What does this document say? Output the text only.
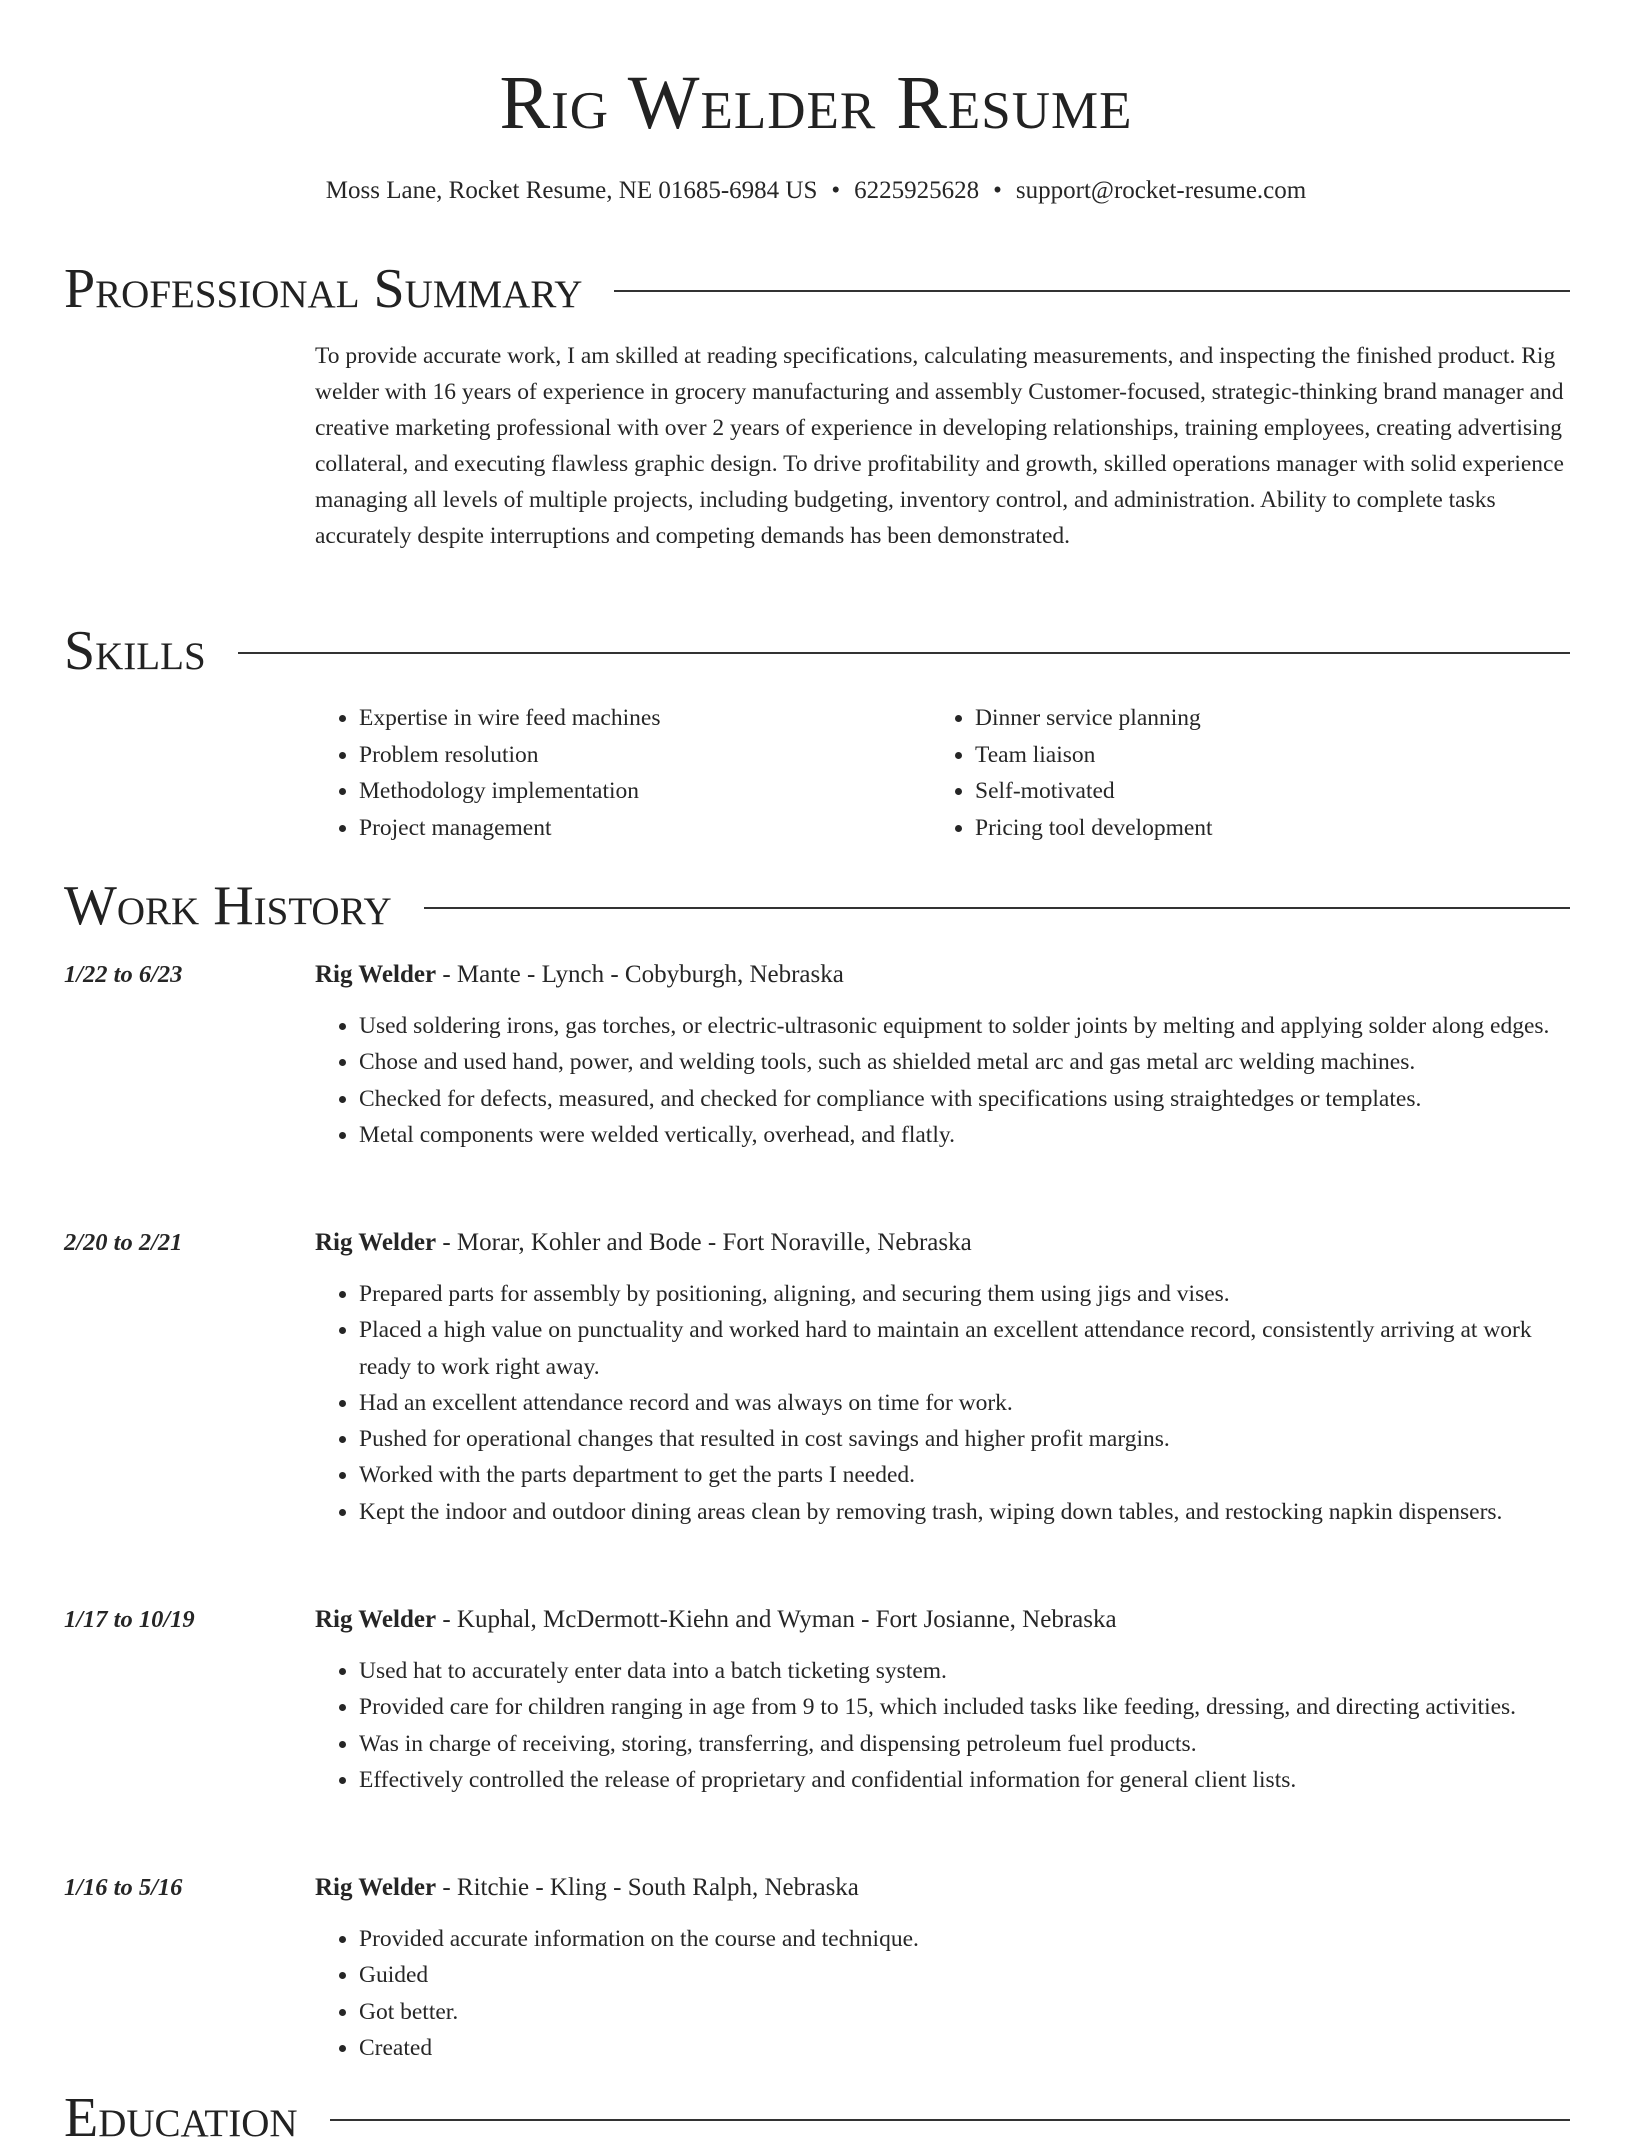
Rig Welder Resume
Moss Lane, Rocket Resume, NE 01685-6984 US • 6225925628 • support@rocket-resume.com
Professional Summary

To provide accurate work, I am skilled at reading specifications, calculating measurements, and inspecting the finished product. Rig welder with 16 years of experience in grocery manufacturing and assembly Customer-focused, strategic-thinking brand manager and creative marketing professional with over 2 years of experience in developing relationships, training employees, creating advertising collateral, and executing flawless graphic design. To drive profitability and growth, skilled operations manager with solid experience managing all levels of multiple projects, including budgeting, inventory control, and administration. Ability to complete tasks accurately despite interruptions and competing demands has been demonstrated.

Skills
• Expertise in wire feed machines
• Problem resolution
• Methodology implementation
• Project management
• Dinner service planning
• Team liaison
• Self-motivated
• Pricing tool development
Work History
1/22 to 6/23	Rig Welder - Mante - Lynch - Cobyburgh, Nebraska
• Used soldering irons, gas torches, or electric-ultrasonic equipment to solder joints by melting and applying solder along edges.
• Chose and used hand, power, and welding tools, such as shielded metal arc and gas metal arc welding machines.
• Checked for defects, measured, and checked for compliance with specifications using straightedges or templates.
• Metal components were welded vertically, overhead, and flatly.
2/20 to 2/21	Rig Welder - Morar, Kohler and Bode - Fort Noraville, Nebraska
• Prepared parts for assembly by positioning, aligning, and securing them using jigs and vises.
• Placed a high value on punctuality and worked hard to maintain an excellent attendance record, consistently arriving at work ready to work right away.
• Had an excellent attendance record and was always on time for work.
• Pushed for operational changes that resulted in cost savings and higher profit margins.
• Worked with the parts department to get the parts I needed.
• Kept the indoor and outdoor dining areas clean by removing trash, wiping down tables, and restocking napkin dispensers.
1/17 to 10/19	Rig Welder - Kuphal, McDermott-Kiehn and Wyman - Fort Josianne, Nebraska
• Used hat to accurately enter data into a batch ticketing system.
• Provided care for children ranging in age from 9 to 15, which included tasks like feeding, dressing, and directing activities.
• Was in charge of receiving, storing, transferring, and dispensing petroleum fuel products.
• Effectively controlled the release of proprietary and confidential information for general client lists.
1/16 to 5/16	Rig Welder - Ritchie - Kling - South Ralph, Nebraska
• Provided accurate information on the course and technique.
• Guided
• Got better.
• Created
Education
